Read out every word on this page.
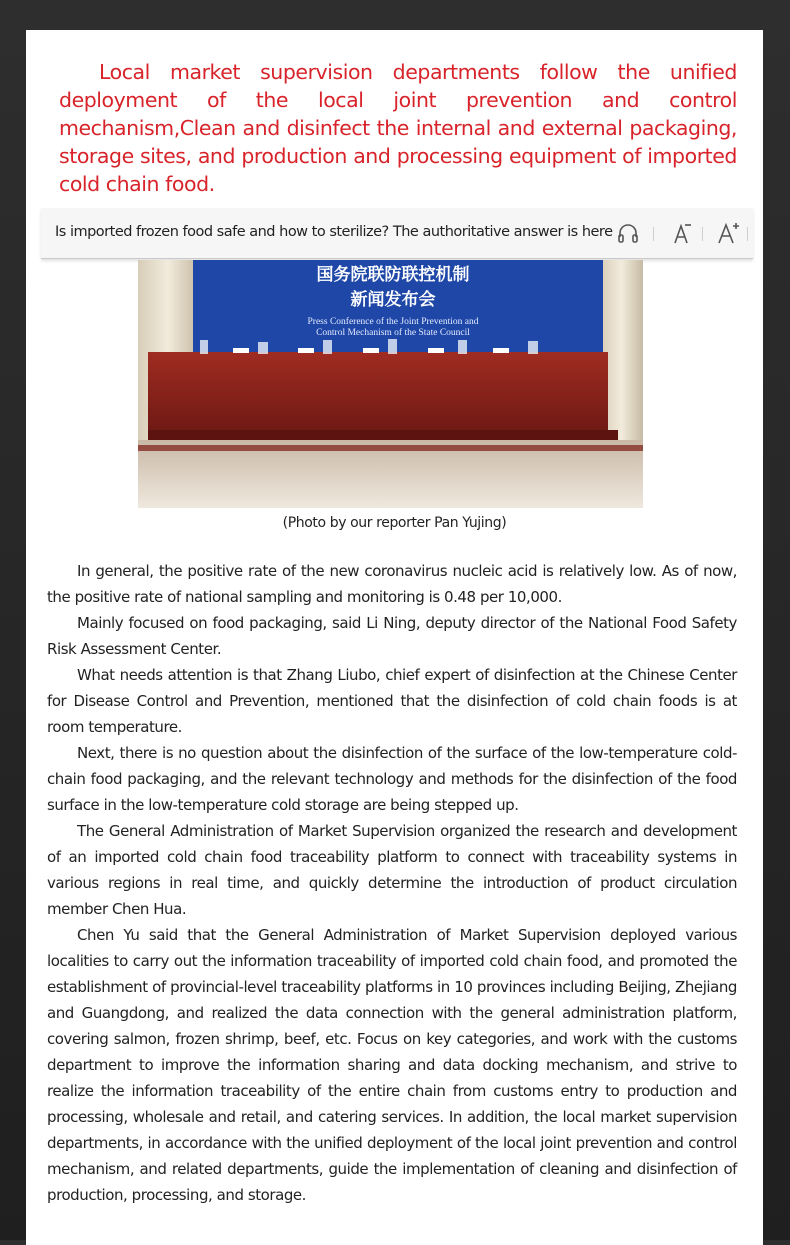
Local market supervision departments follow the unified deployment of the local joint prevention and control mechanism,Clean and disinfect the internal and external packaging, storage sites, and production and processing equipment of imported cold chain food.

Is imported frozen food safe and how to sterilize? The authoritative answer is here
国务院联防联控机制
新闻发布会
Press Conference of the Joint Prevention and
Control Mechanism of the State Council
(Photo by our reporter Pan Yujing)

In general, the positive rate of the new coronavirus nucleic acid is relatively low. As of now, the positive rate of national sampling and monitoring is 0.48 per 10,000.

Mainly focused on food packaging, said Li Ning, deputy director of the National Food Safety Risk Assessment Center.

What needs attention is that Zhang Liubo, chief expert of disinfection at the Chinese Center for Disease Control and Prevention, mentioned that the disinfection of cold chain foods is at room temperature.

Next, there is no question about the disinfection of the surface of the low-temperature cold-chain food packaging, and the relevant technology and methods for the disinfection of the food surface in the low-temperature cold storage are being stepped up.

The General Administration of Market Supervision organized the research and development of an imported cold chain food traceability platform to connect with traceability systems in various regions in real time, and quickly determine the introduction of product circulation member Chen Hua.

Chen Yu said that the General Administration of Market Supervision deployed various localities to carry out the information traceability of imported cold chain food, and promoted the establishment of provincial-level traceability platforms in 10 provinces including Beijing, Zhejiang and Guangdong, and realized the data connection with the general administration platform, covering salmon, frozen shrimp, beef, etc. Focus on key categories, and work with the customs department to improve the information sharing and data docking mechanism, and strive to realize the information traceability of the entire chain from customs entry to production and processing, wholesale and retail, and catering services. In addition, the local market supervision departments, in accordance with the unified deployment of the local joint prevention and control mechanism, and related departments, guide the implementation of cleaning and disinfection of production, processing, and storage.
